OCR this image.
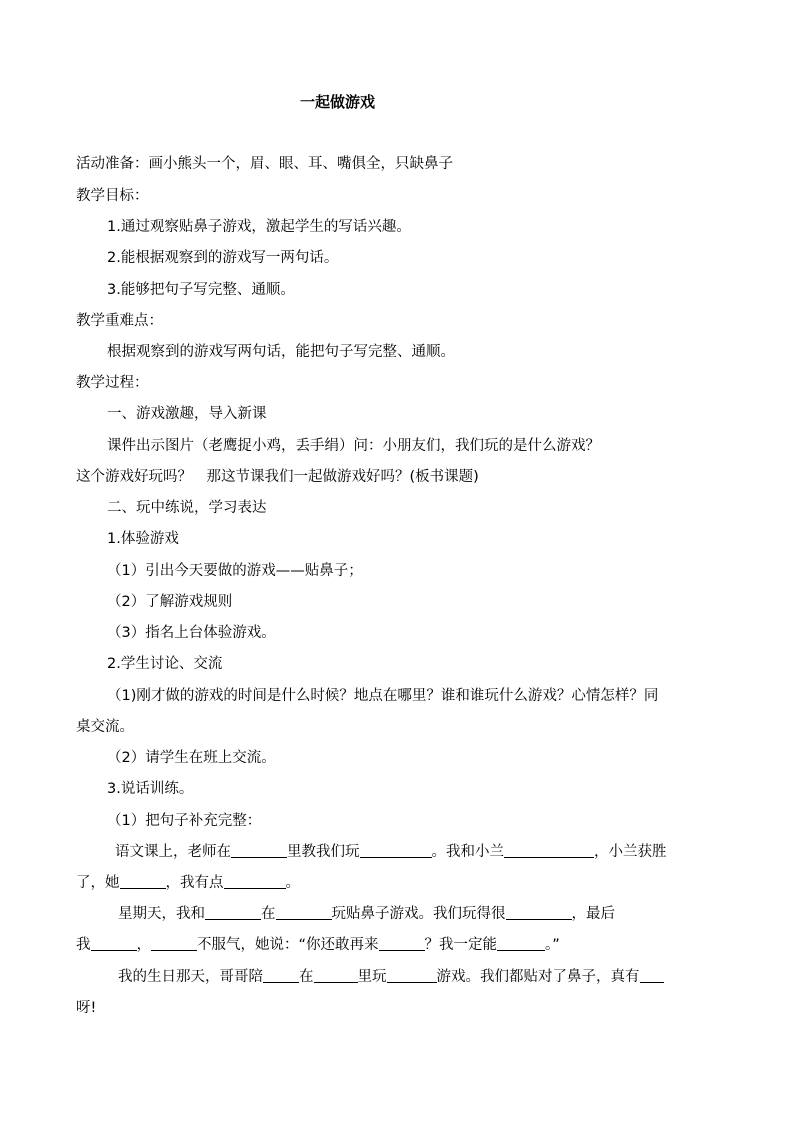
一起做游戏
活动准备：画小熊头一个，眉、眼、耳、嘴俱全，只缺鼻子
教学目标：
1.通过观察贴鼻子游戏，激起学生的写话兴趣。
2.能根据观察到的游戏写一两句话。
3.能够把句子写完整、通顺。
教学重难点：
根据观察到的游戏写两句话，能把句子写完整、通顺。
教学过程：
一、游戏激趣，导入新课
课件出示图片（老鹰捉小鸡，丢手绢）问：小朋友们，我们玩的是什么游戏？
这个游戏好玩吗？　那这节课我们一起做游戏好吗？(板书课题)
二、玩中练说，学习表达
1.体验游戏
（1）引出今天要做的游戏——贴鼻子；
（2）了解游戏规则
（3）指名上台体验游戏。
2.学生讨论、交流
（1)刚才做的游戏的时间是什么时候？地点在哪里？谁和谁玩什么游戏？心情怎样？同
桌交流。
（2）请学生在班上交流。
3.说话训练。
（1）把句子补充完整：
语文课上，老师在	里教我们玩	。我和小兰	，小兰获胜
了，她	，我有点	。
星期天，我和	在	玩贴鼻子游戏。我们玩得很	，最后
我	，	不服气，她说：“你还敢再来	？我一定能	。”
我的生日那天，哥哥陪 在	里玩	游戏。我们都贴对了鼻子，真有
呀!
